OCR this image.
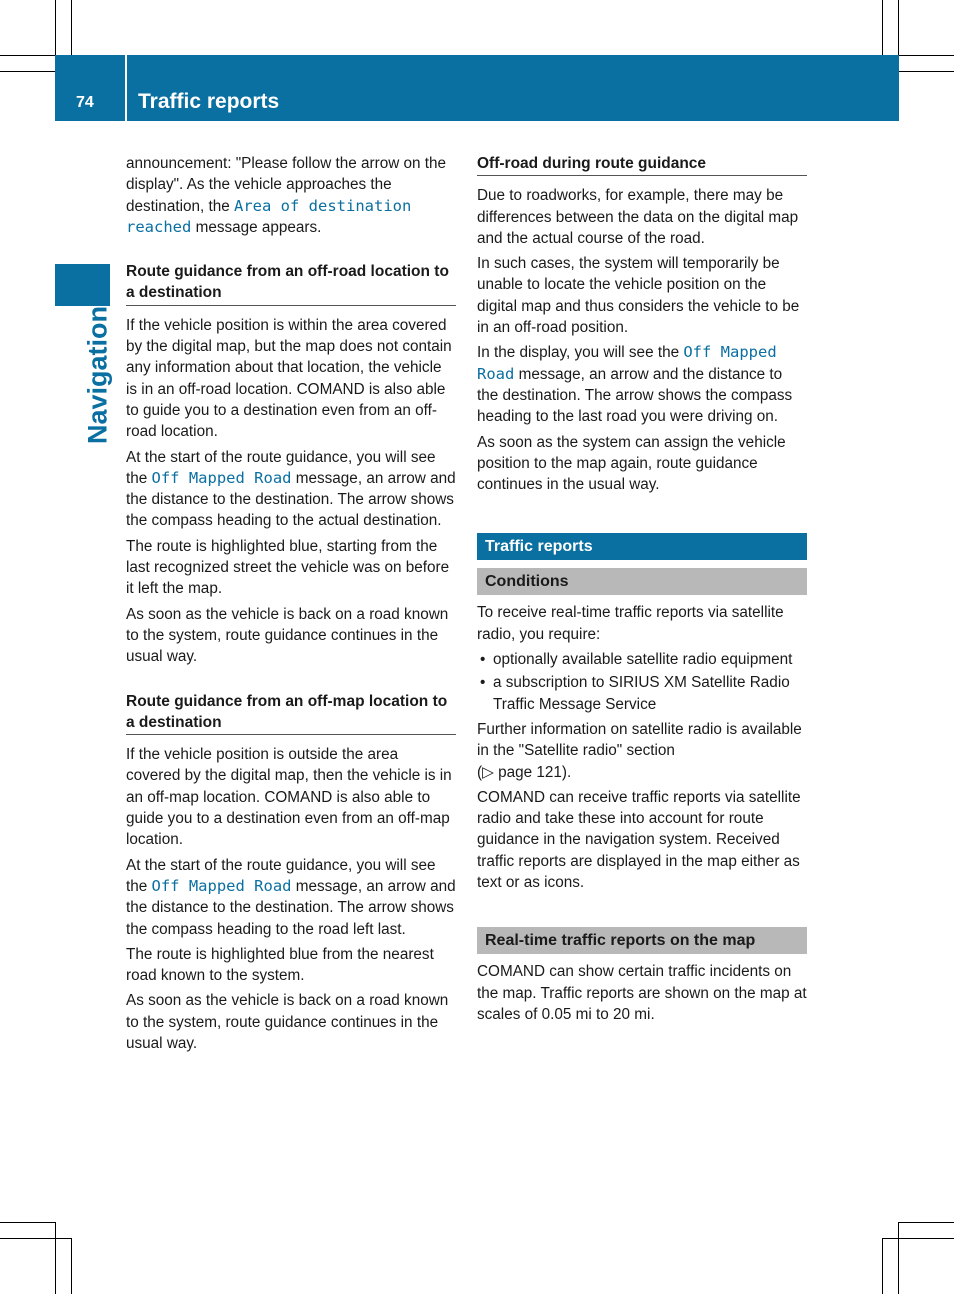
74 Traffic reports
Navigation

announcement: "Please follow the arrow on the display". As the vehicle approaches the destination, the Area of destination reached message appears.

Route guidance from an off-road location to a destination

If the vehicle position is within the area covered by the digital map, but the map does not contain any information about that location, the vehicle is in an off-road location. COMAND is also able to guide you to a destination even from an off-road location.

At the start of the route guidance, you will see the Off Mapped Road message, an arrow and the distance to the destination. The arrow shows the compass heading to the actual destination.

The route is highlighted blue, starting from the last recognized street the vehicle was on before it left the map.

As soon as the vehicle is back on a road known to the system, route guidance continues in the usual way.

Route guidance from an off-map location to a destination

If the vehicle position is outside the area covered by the digital map, then the vehicle is in an off-map location. COMAND is also able to guide you to a destination even from an off-map location.

At the start of the route guidance, you will see the Off Mapped Road message, an arrow and the distance to the destination. The arrow shows the compass heading to the road left last.

The route is highlighted blue from the nearest road known to the system.

As soon as the vehicle is back on a road known to the system, route guidance continues in the usual way.

Off-road during route guidance

Due to roadworks, for example, there may be differences between the data on the digital map and the actual course of the road.

In such cases, the system will temporarily be unable to locate the vehicle position on the digital map and thus considers the vehicle to be in an off-road position.

In the display, you will see the Off Mapped Road message, an arrow and the distance to the destination. The arrow shows the compass heading to the last road you were driving on.

As soon as the system can assign the vehicle position to the map again, route guidance continues in the usual way.

Traffic reports
Conditions

To receive real-time traffic reports via satellite radio, you require:

• optionally available satellite radio equipment
• a subscription to SIRIUS XM Satellite Radio Traffic Message Service

Further information on satellite radio is available in the "Satellite radio" section
(▷ page 121).

COMAND can receive traffic reports via satellite radio and take these into account for route guidance in the navigation system. Received traffic reports are displayed in the map either as text or as icons.

Real-time traffic reports on the map

COMAND can show certain traffic incidents on the map. Traffic reports are shown on the map at scales of 0.05 mi to 20 mi.
